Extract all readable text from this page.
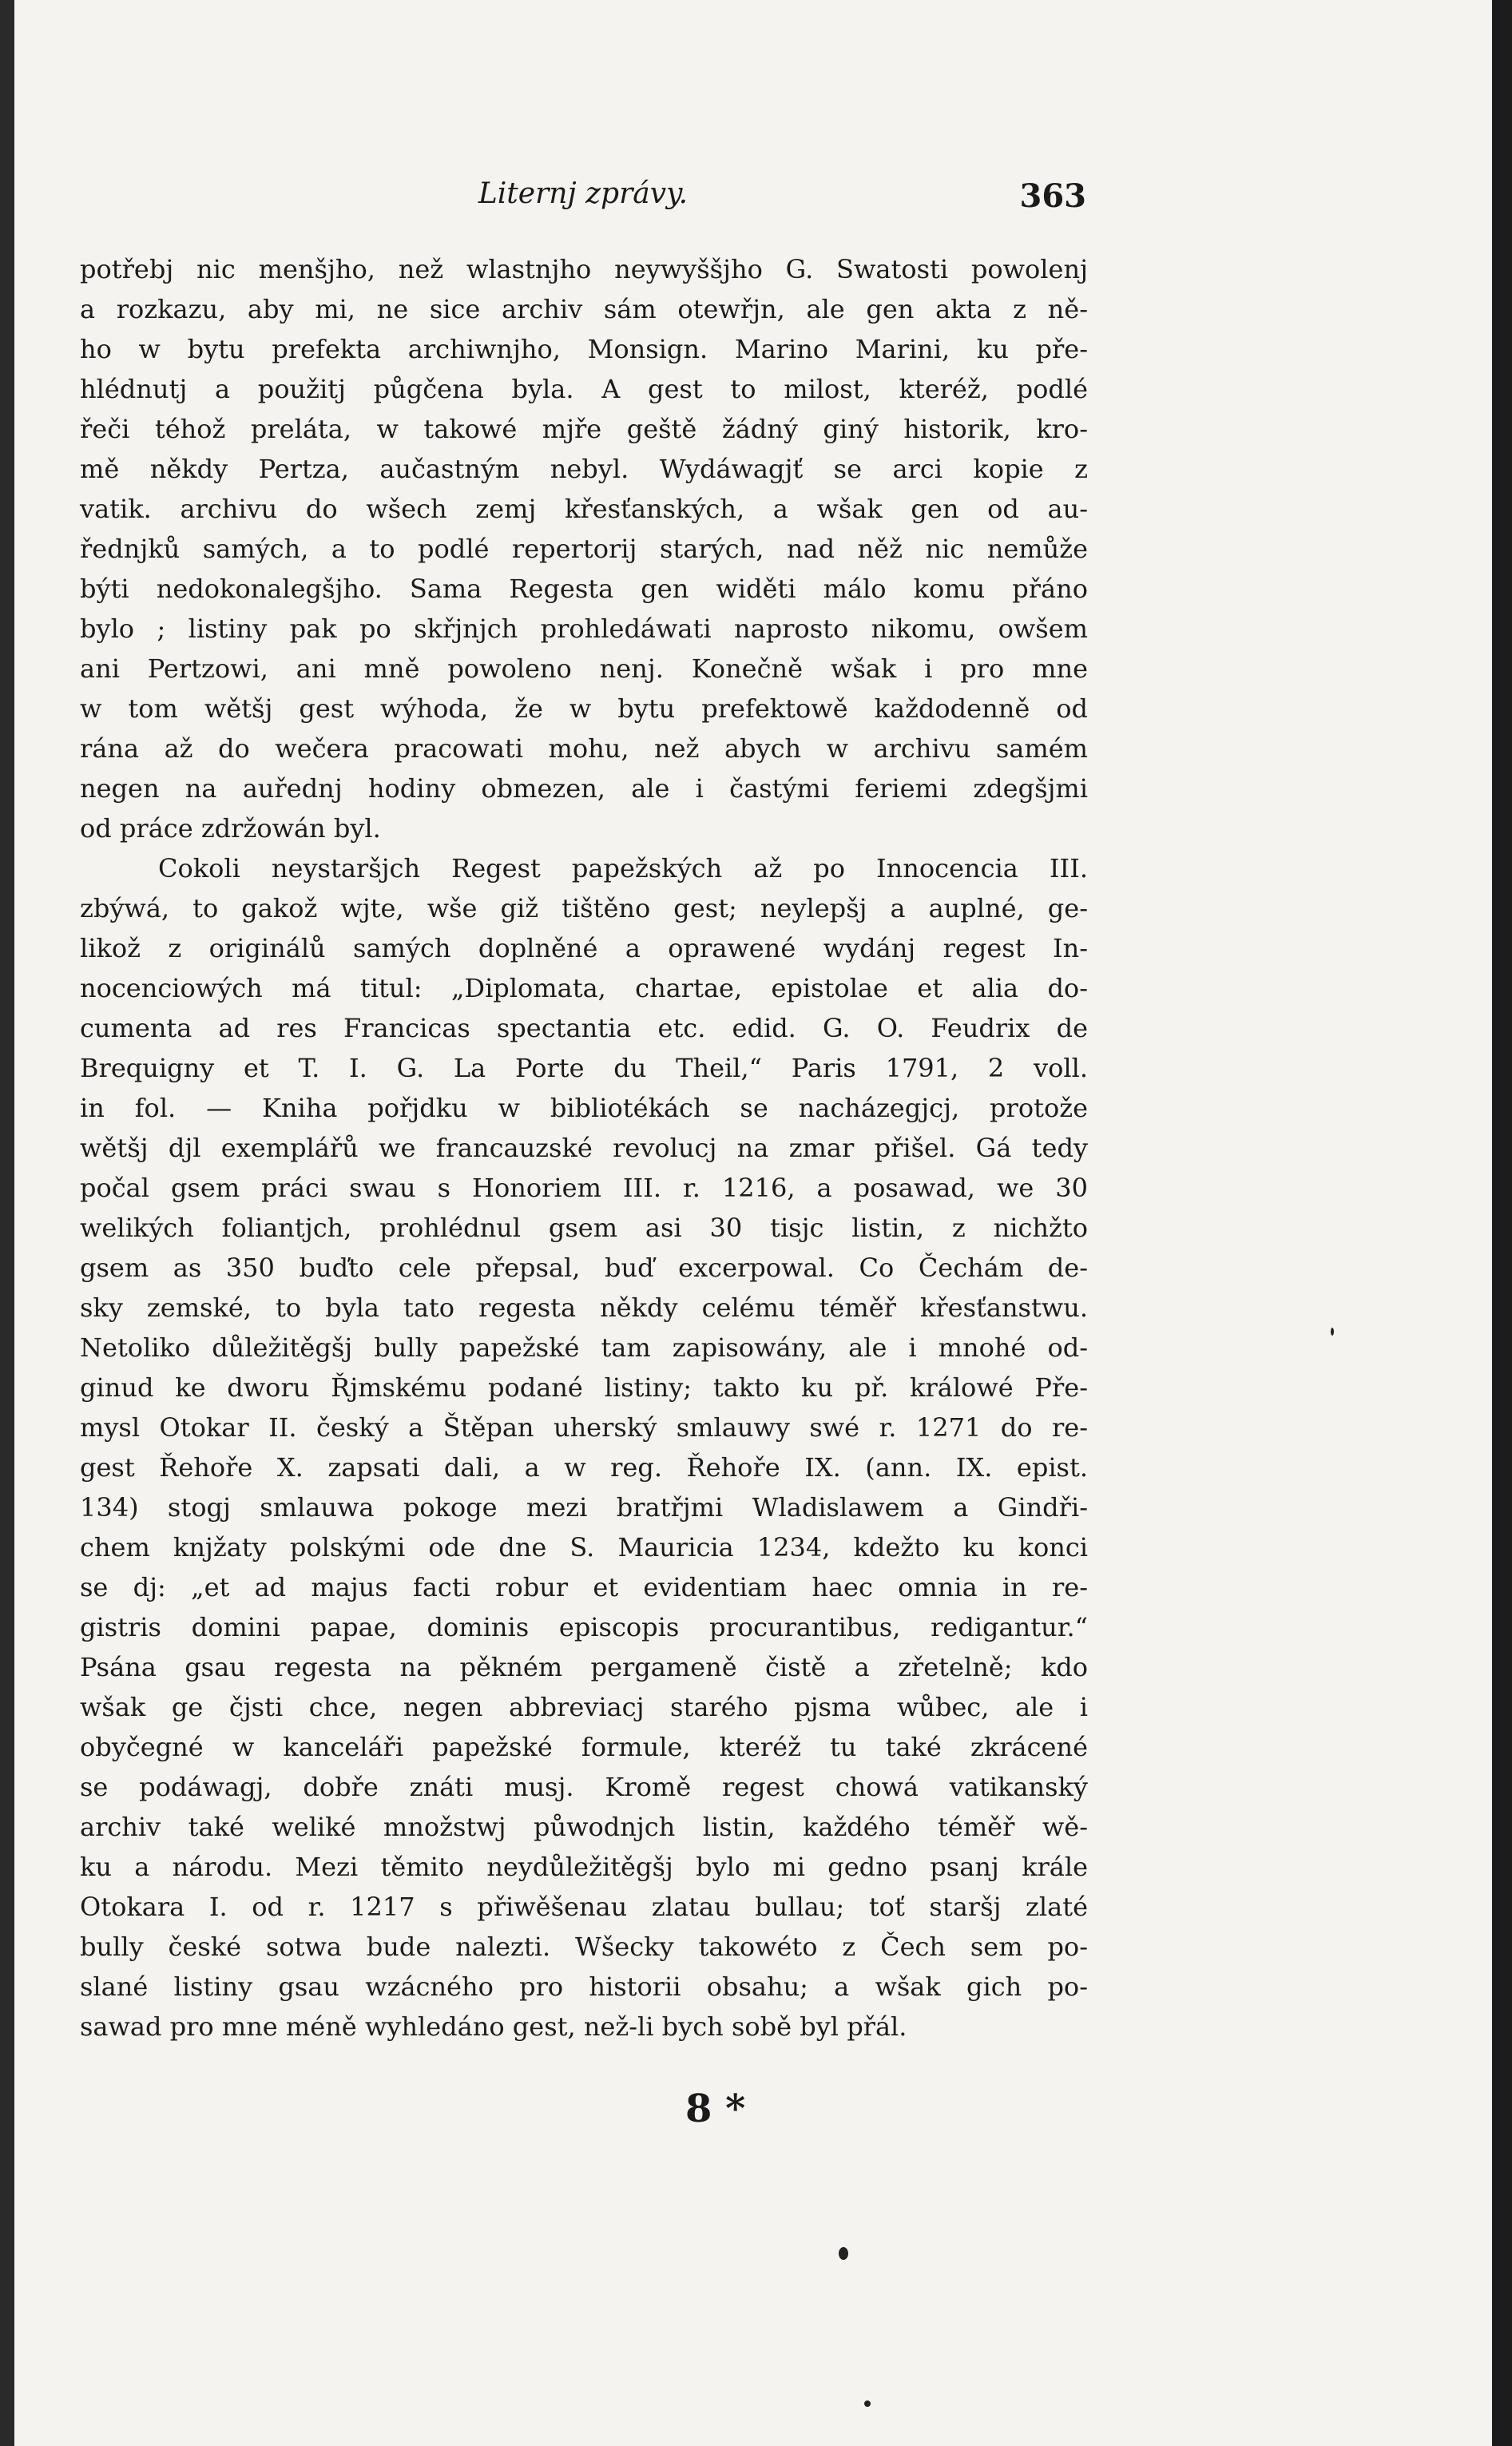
Liternj zprávy.	363
potřebj nic menšjho, než wlastnjho neywyššjho G. Swatosti powolenj
a rozkazu, aby mi, ne sice archiv sám otewřjn, ale gen akta z ně-
ho w bytu prefekta archiwnjho, Monsign. Marino Marini, ku pře-
hlédnutj a použitj půgčena byla. A gest to milost, kteréž, podlé
řeči téhož preláta, w takowé mjře geště žádný giný historik, kro-
mě někdy Pertza, aučastným nebyl. Wydáwagjť se arci kopie z
vatik. archivu do wšech zemj křesťanských, a wšak gen od au-
řednjků samých, a to podlé repertorij starých, nad něž nic nemůže
býti nedokonalegšjho. Sama Regesta gen widěti málo komu přáno
bylo ; listiny pak po skřjnjch prohledáwati naprosto nikomu, owšem
ani Pertzowi, ani mně powoleno nenj. Konečně wšak i pro mne
w tom wětšj gest wýhoda, že w bytu prefektowě každodenně od
rána až do wečera pracowati mohu, než abych w archivu samém
negen na auřednj hodiny obmezen, ale i častými feriemi zdegšjmi
od práce zdržowán byl.
Cokoli neystaršjch Regest papežských až po Innocencia III.
zbýwá, to gakož wjte, wše giž tištěno gest; neylepšj a auplné, ge-
likož z originálů samých doplněné a oprawené wydánj regest In-
nocenciowých má titul: „Diplomata, chartae, epistolae et alia do-
cumenta ad res Francicas spectantia etc. edid. G. O. Feudrix de
Brequigny et T. I. G. La Porte du Theil,“ Paris 1791, 2 voll.
in fol. — Kniha pořjdku w bibliotékách se nacházegjcj, protože
wětšj djl exemplářů we francauzské revolucj na zmar přišel. Gá tedy
počal gsem práci swau s Honoriem III. r. 1216, a posawad, we 30
welikých foliantjch, prohlédnul gsem asi 30 tisjc listin, z nichžto
gsem as 350 buďto cele přepsal, buď excerpowal. Co Čechám de-
sky zemské, to byla tato regesta někdy celému téměř křesťanstwu.
Netoliko důležitěgšj bully papežské tam zapisowány, ale i mnohé od-
ginud ke dworu Řjmskému podané listiny; takto ku př. králowé Pře-
mysl Otokar II. český a Štěpan uherský smlauwy swé r. 1271 do re-
gest Řehoře X. zapsati dali, a w reg. Řehoře IX. (ann. IX. epist.
134) stogj smlauwa pokoge mezi bratřjmi Wladislawem a Gindři-
chem knjžaty polskými ode dne S. Mauricia 1234, kdežto ku konci
se dj: „et ad majus facti robur et evidentiam haec omnia in re-
gistris domini papae, dominis episcopis procurantibus, redigantur.“
Psána gsau regesta na pěkném pergameně čistě a zřetelně; kdo
wšak ge čjsti chce, negen abbreviacj starého pjsma wůbec, ale i
obyčegné w kanceláři papežské formule, kteréž tu také zkrácené
se podáwagj, dobře znáti musj. Kromě regest chowá vatikanský
archiv také weliké množstwj půwodnjch listin, každého téměř wě-
ku a národu. Mezi těmito neydůležitěgšj bylo mi gedno psanj krále
Otokara I. od r. 1217 s přiwěšenau zlatau bullau; toť staršj zlaté
bully české sotwa bude nalezti. Wšecky takowéto z Čech sem po-
slané listiny gsau wzácného pro historii obsahu; a wšak gich po-
sawad pro mne méně wyhledáno gest, než-li bych sobě byl přál.
8 *
